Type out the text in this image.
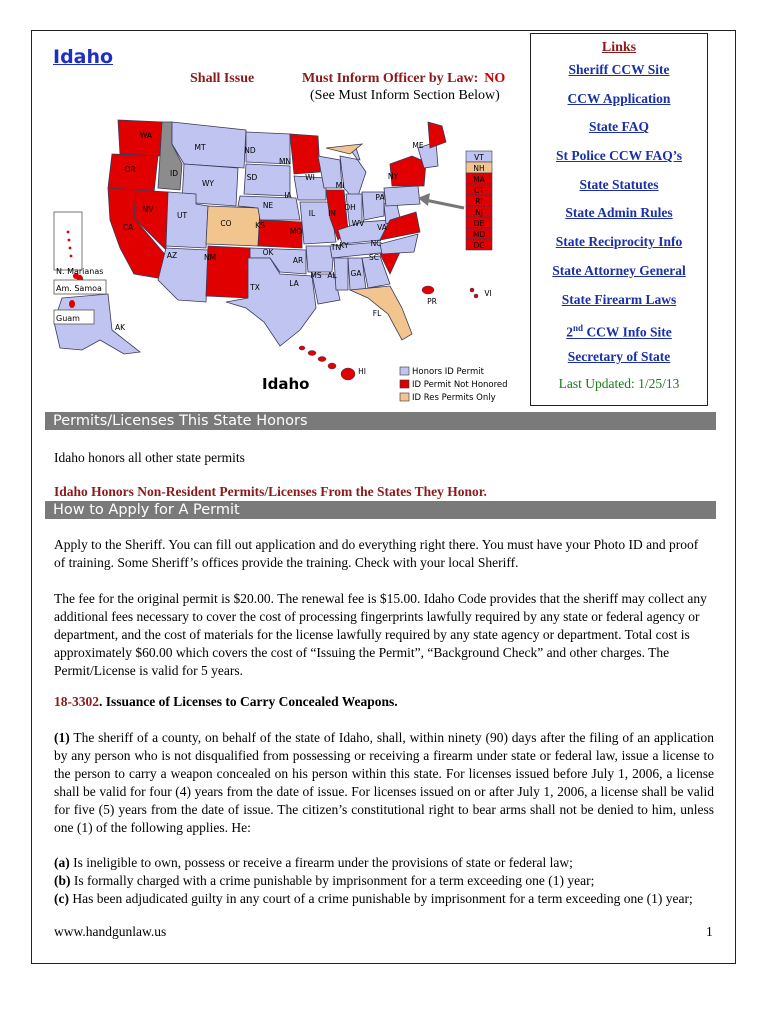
Idaho
Shall Issue	Must Inform Officer by Law: NO
(See Must Inform Section Below)
N. Marianas
Am. Samoa
Guam
WA
OR
CA
NV
ID
MT
WY
UT
AZ
CO
NM
ND
SD
NE
KS
OK
TX
MN
IA
MO
AR
LA
WI
IL
MI
IN
OH
KY
TN
MS AL GA
FL
SC
NC
WV VA
PA
NY
ME
AK
HI
PR
VI
VT
NH
MA
CT
RI
NJ
DE
MD
DC
Idaho
Honors ID Permit
ID Permit Not Honored
ID Res Permits Only
Links
Sheriff CCW Site
CCW Application
State FAQ
St Police CCW FAQ’s
State Statutes
State Admin Rules
State Reciprocity Info
State Attorney General
State Firearm Laws
2nd CCW Info Site
Secretary of State
Last Updated: 1/25/13
Permits/Licenses This State Honors
Idaho honors all other state permits
Idaho Honors Non-Resident Permits/Licenses From the States They Honor.
How to Apply for A Permit
Apply to the Sheriff. You can fill out application and do everything right there. You must have your Photo ID and proof of training. Some Sheriff’s offices provide the training. Check with your local Sheriff.
The fee for the original permit is $20.00. The renewal fee is $15.00. Idaho Code provides that the sheriff may collect any additional fees necessary to cover the cost of processing fingerprints lawfully required by any state or federal agency or department, and the cost of materials for the license lawfully required by any state agency or department. Total cost is approximately $60.00 which covers the cost of “Issuing the Permit”, “Background Check” and other charges. The Permit/License is valid for 5 years.
18-3302. Issuance of Licenses to Carry Concealed Weapons.
(1) The sheriff of a county, on behalf of the state of Idaho, shall, within ninety (90) days after the filing of an application by any person who is not disqualified from possessing or receiving a firearm under state or federal law, issue a license to the person to carry a weapon concealed on his person within this state. For licenses issued before July 1, 2006, a license shall be valid for four (4) years from the date of issue. For licenses issued on or after July 1, 2006, a license shall be valid for five (5) years from the date of issue. The citizen’s constitutional right to bear arms shall not be denied to him, unless one (1) of the following applies. He:
(a) Is ineligible to own, possess or receive a firearm under the provisions of state or federal law;
(b) Is formally charged with a crime punishable by imprisonment for a term exceeding one (1) year;
(c) Has been adjudicated guilty in any court of a crime punishable by imprisonment for a term exceeding one (1) year;
www.handgunlaw.us	1
